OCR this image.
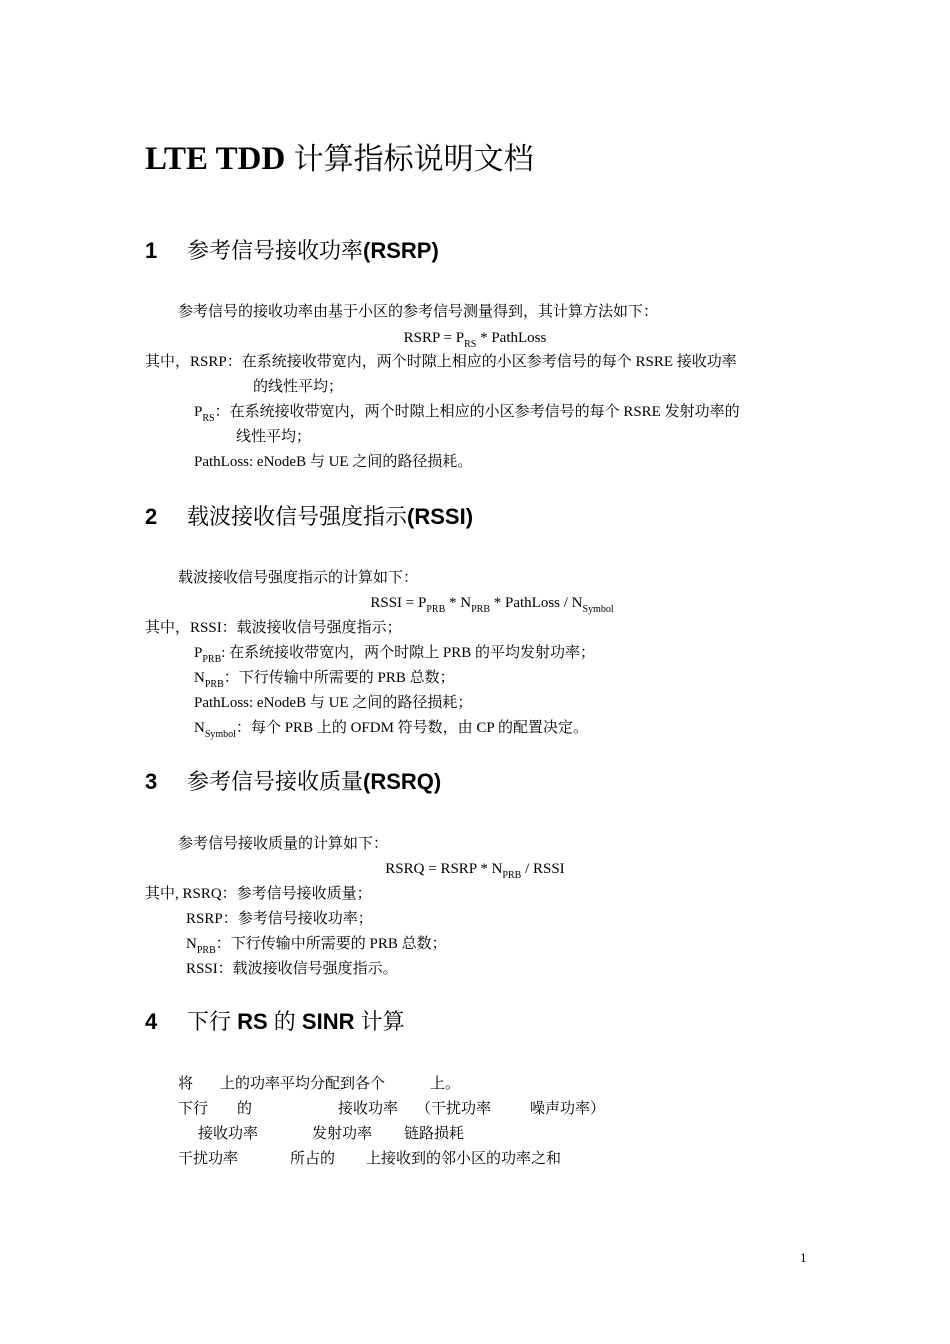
LTE TDD 计算指标说明文档
1 参考信号接收功率(RSRP)
参考信号的接收功率由基于小区的参考信号测量得到，其计算方法如下：
RSRP = $P_{RS}$ * PathLoss
其中，RSRP：在系统接收带宽内，两个时隙上相应的小区参考信号的每个 RSRE 接收功率
的线性平均；
$P_{RS}$：在系统接收带宽内，两个时隙上相应的小区参考信号的每个 RSRE 发射功率的
线性平均；
PathLoss: eNodeB 与 UE 之间的路径损耗。
2 载波接收信号强度指示(RSSI)
载波接收信号强度指示的计算如下：
RSSI = $P_{PRB} * N_{PRB}$ * PathLoss / $N_{Symbol}$
其中，RSSI：载波接收信号强度指示；
$P_{PRB}$: 在系统接收带宽内，两个时隙上 PRB 的平均发射功率；
$N_{PRB}$：下行传输中所需要的 PRB 总数；
PathLoss: eNodeB 与 UE 之间的路径损耗；
$N_{Symbol}$：每个 PRB 上的 OFDM 符号数，由 CP 的配置决定。
3 参考信号接收质量(RSRQ)
参考信号接收质量的计算如下：
RSRQ = RSRP * $N_{PRB}$ / RSSI
其中, RSRQ：参考信号接收质量；
RSRP：参考信号接收功率；
$N_{PRB}$：下行传输中所需要的 PRB 总数；
RSSI：载波接收信号强度指示。
4 下行 RS 的 SINR 计算
将 上的功率平均分配到各个	上。
下行 的	接收功率 （干扰功率	噪声功率）
接收功率	发射功率 链路损耗
干扰功率	所占的 上接收到的邻小区的功率之和
1
